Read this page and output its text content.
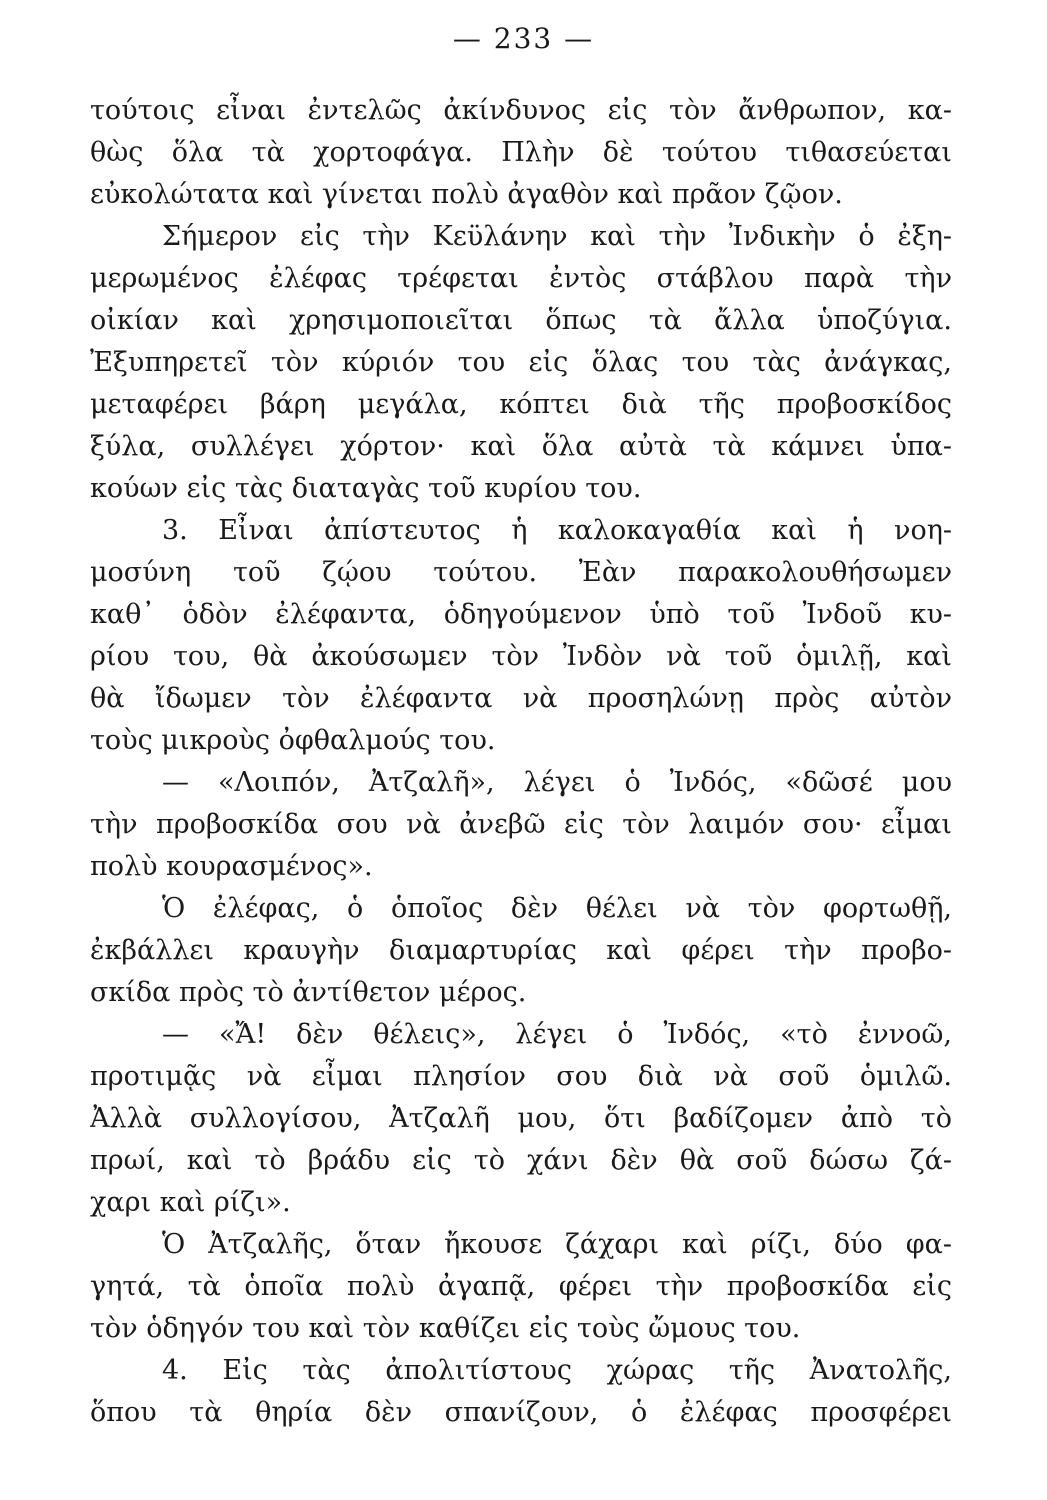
— 233 —
τούτοις εἶναι ἐντελῶς ἀκίνδυνος εἰς τὸν ἄνθρωπον, κα-
θὼς ὅλα τὰ χορτοφάγα. Πλὴν δὲ τούτου τιθασεύεται
εὐκολώτατα καὶ γίνεται πολὺ ἀγαθὸν καὶ πρᾶον ζῷον.
Σήμερον εἰς τὴν Κεϋλάνην καὶ τὴν Ἰνδικὴν ὁ ἐξη-
μερωμένος ἐλέφας τρέφεται ἐντὸς στάβλου παρὰ τὴν
οἰκίαν καὶ χρησιμοποιεῖται ὅπως τὰ ἄλλα ὑποζύγια.
Ἐξυπηρετεῖ τὸν κύριόν του εἰς ὅλας του τὰς ἀνάγκας,
μεταφέρει βάρη μεγάλα, κόπτει διὰ τῆς προβοσκίδος
ξύλα, συλλέγει χόρτον· καὶ ὅλα αὐτὰ τὰ κάμνει ὑπα-
κούων εἰς τὰς διαταγὰς τοῦ κυρίου του.
3. Εἶναι ἀπίστευτος ἡ καλοκαγαθία καὶ ἡ νοη-
μοσύνη τοῦ ζῴου τούτου. Ἐὰν παρακολουθήσωμεν
καθ᾽ ὁδὸν ἐλέφαντα, ὁδηγούμενον ὑπὸ τοῦ Ἰνδοῦ κυ-
ρίου του, θὰ ἀκούσωμεν τὸν Ἰνδὸν νὰ τοῦ ὁμιλῇ, καὶ
θὰ ἴδωμεν τὸν ἐλέφαντα νὰ προσηλώνῃ πρὸς αὐτὸν
τοὺς μικροὺς ὀφθαλμούς του.
— «Λοιπόν, Ἀτζαλῆ», λέγει ὁ Ἰνδός, «δῶσέ μου
τὴν προβοσκίδα σου νὰ ἀνεβῶ εἰς τὸν λαιμόν σου· εἶμαι
πολὺ κουρασμένος».
Ὁ ἐλέφας, ὁ ὁποῖος δὲν θέλει νὰ τὸν φορτωθῇ,
ἐκβάλλει κραυγὴν διαμαρτυρίας καὶ φέρει τὴν προβο-
σκίδα πρὸς τὸ ἀντίθετον μέρος.
— «Ἄ! δὲν θέλεις», λέγει ὁ Ἰνδός, «τὸ ἐννοῶ,
προτιμᾷς νὰ εἶμαι πλησίον σου διὰ νὰ σοῦ ὁμιλῶ.
Ἀλλὰ συλλογίσου, Ἀτζαλῆ μου, ὅτι βαδίζομεν ἀπὸ τὸ
πρωί, καὶ τὸ βράδυ εἰς τὸ χάνι δὲν θὰ σοῦ δώσω ζά-
χαρι καὶ ρίζι».
Ὁ Ἀτζαλῆς, ὅταν ἤκουσε ζάχαρι καὶ ρίζι, δύο φα-
γητά, τὰ ὁποῖα πολὺ ἀγαπᾷ, φέρει τὴν προβοσκίδα εἰς
τὸν ὁδηγόν του καὶ τὸν καθίζει εἰς τοὺς ὤμους του.
4. Εἰς τὰς ἀπολιτίστους χώρας τῆς Ἀνατολῆς,
ὅπου τὰ θηρία δὲν σπανίζουν, ὁ ἐλέφας προσφέρει
